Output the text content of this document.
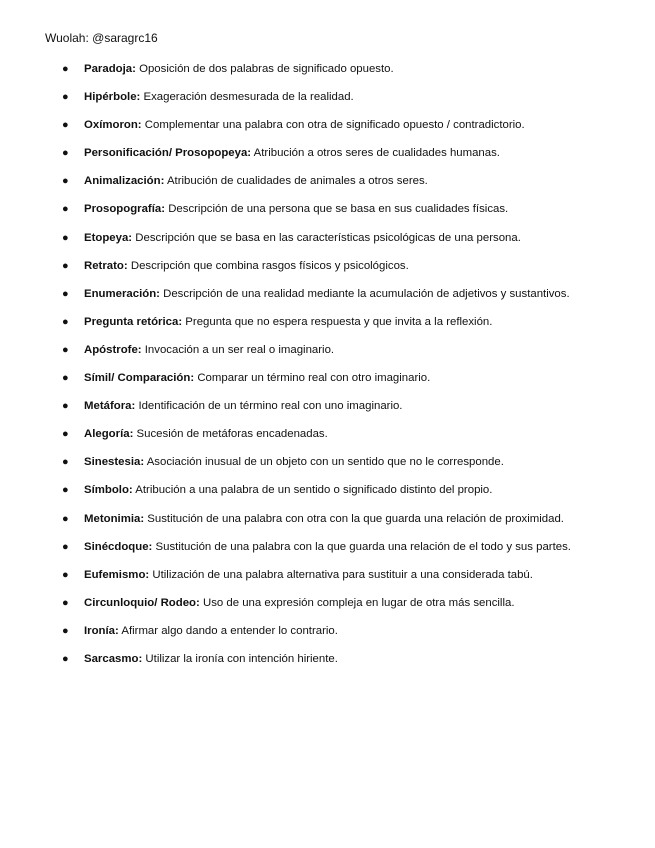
Wuolah: @saragrc16
● Paradoja: Oposición de dos palabras de significado opuesto.
● Hipérbole: Exageración desmesurada de la realidad.
● Oxímoron: Complementar una palabra con otra de significado opuesto / contradictorio.
● Personificación/ Prosopopeya: Atribución a otros seres de cualidades humanas.
● Animalización: Atribución de cualidades de animales a otros seres.
● Prosopografía: Descripción de una persona que se basa en sus cualidades físicas.
● Etopeya: Descripción que se basa en las características psicológicas de una persona.
● Retrato: Descripción que combina rasgos físicos y psicológicos.
● Enumeración: Descripción de una realidad mediante la acumulación de adjetivos y sustantivos.
● Pregunta retórica: Pregunta que no espera respuesta y que invita a la reflexión.
● Apóstrofe: Invocación a un ser real o imaginario.
● Símil/ Comparación: Comparar un término real con otro imaginario.
● Metáfora: Identificación de un término real con uno imaginario.
● Alegoría: Sucesión de metáforas encadenadas.
● Sinestesia: Asociación inusual de un objeto con un sentido que no le corresponde.
● Símbolo: Atribución a una palabra de un sentido o significado distinto del propio.
● Metonimia: Sustitución de una palabra con otra con la que guarda una relación de proximidad.
● Sinécdoque: Sustitución de una palabra con la que guarda una relación de el todo y sus partes.
● Eufemismo: Utilización de una palabra alternativa para sustituir a una considerada tabú.
● Circunloquio/ Rodeo: Uso de una expresión compleja en lugar de otra más sencilla.
● Ironía: Afirmar algo dando a entender lo contrario.
● Sarcasmo: Utilizar la ironía con intención hiriente.
